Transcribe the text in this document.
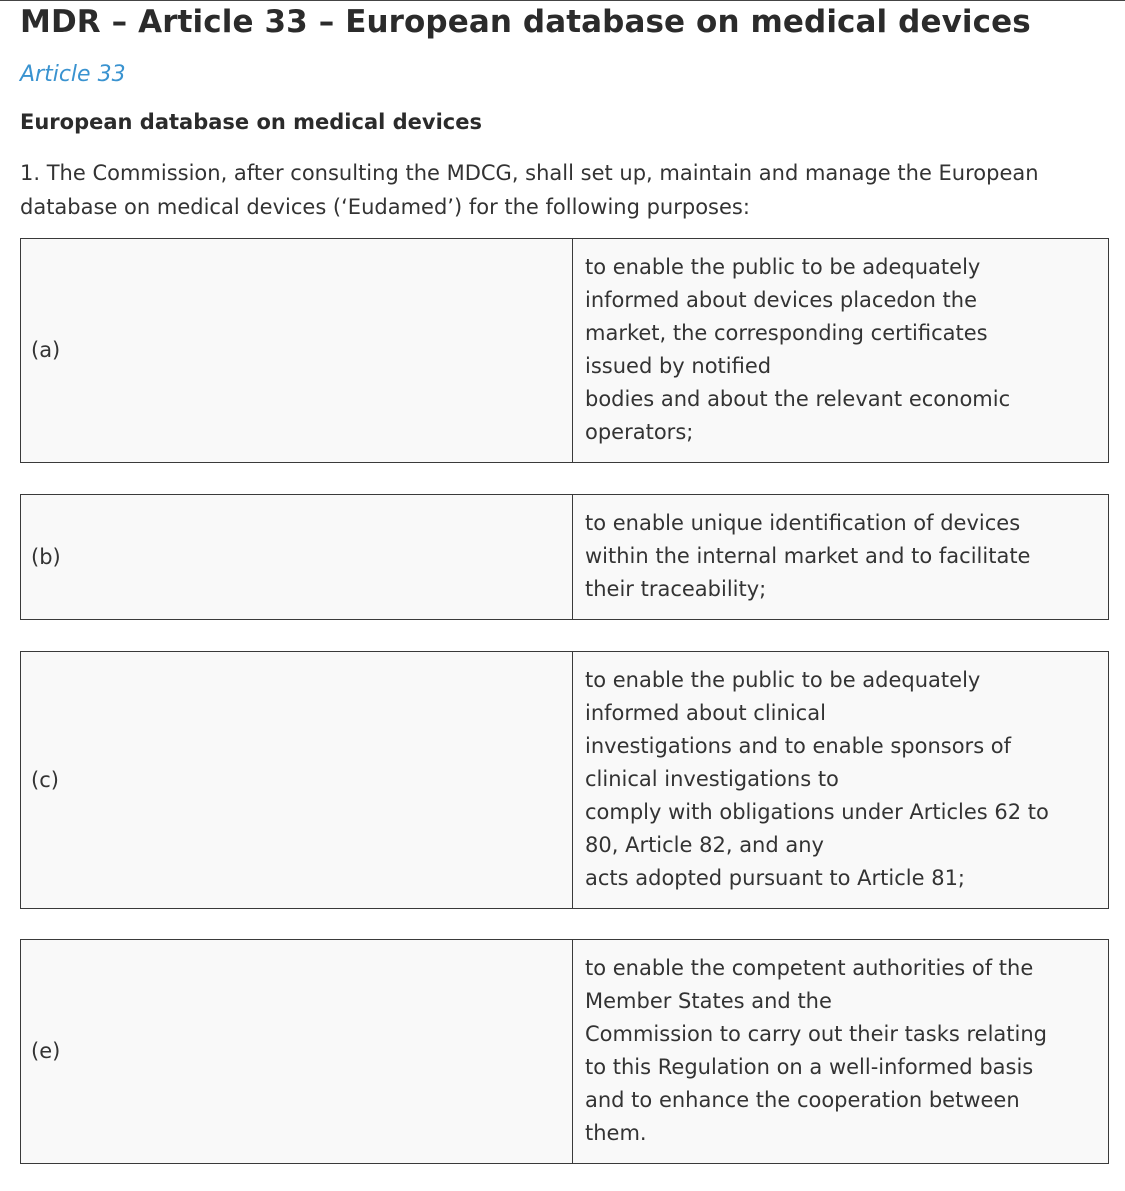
MDR – Article 33 – European database on medical devices
Article 33
European database on medical devices

1. The Commission, after consulting the MDCG, shall set up, maintain and manage the European database on medical devices (‘Eudamed’) for the following purposes:

(a)	to enable the public to be adequately
informed about devices placedon the
market, the corresponding certificates
issued by notified
bodies and about the relevant economic
operators;
(b)	to enable unique identification of devices
within the internal market and to facilitate
their traceability;
(c)	to enable the public to be adequately
informed about clinical
investigations and to enable sponsors of
clinical investigations to
comply with obligations under Articles 62 to
80, Article 82, and any
acts adopted pursuant to Article 81;
(e)	to enable the competent authorities of the
Member States and the
Commission to carry out their tasks relating
to this Regulation on a well-informed basis
and to enhance the cooperation between
them.
